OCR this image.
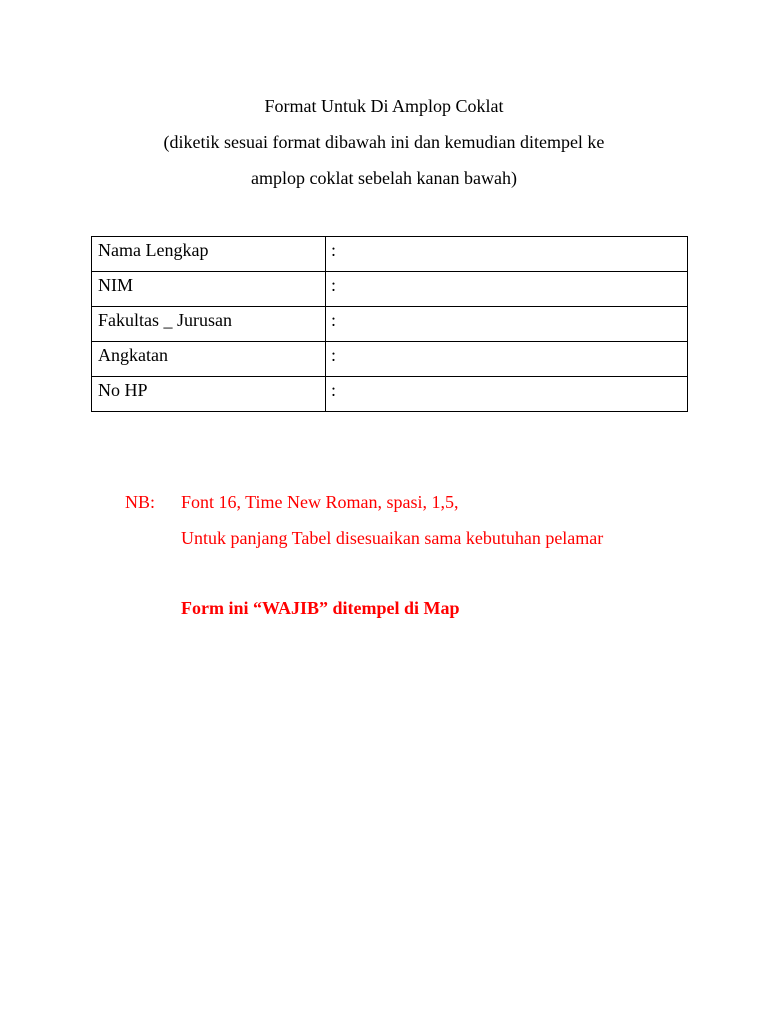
Format Untuk Di Amplop Coklat
(diketik sesuai format dibawah ini dan kemudian ditempel ke
amplop coklat sebelah kanan bawah)
Nama Lengkap	:
NIM	:
Fakultas _ Jurusan	:
Angkatan	:
No HP	:
NB:	Font 16, Time New Roman, spasi, 1,5,
Untuk panjang Tabel disesuaikan sama kebutuhan pelamar
Form ini “WAJIB” ditempel di Map
